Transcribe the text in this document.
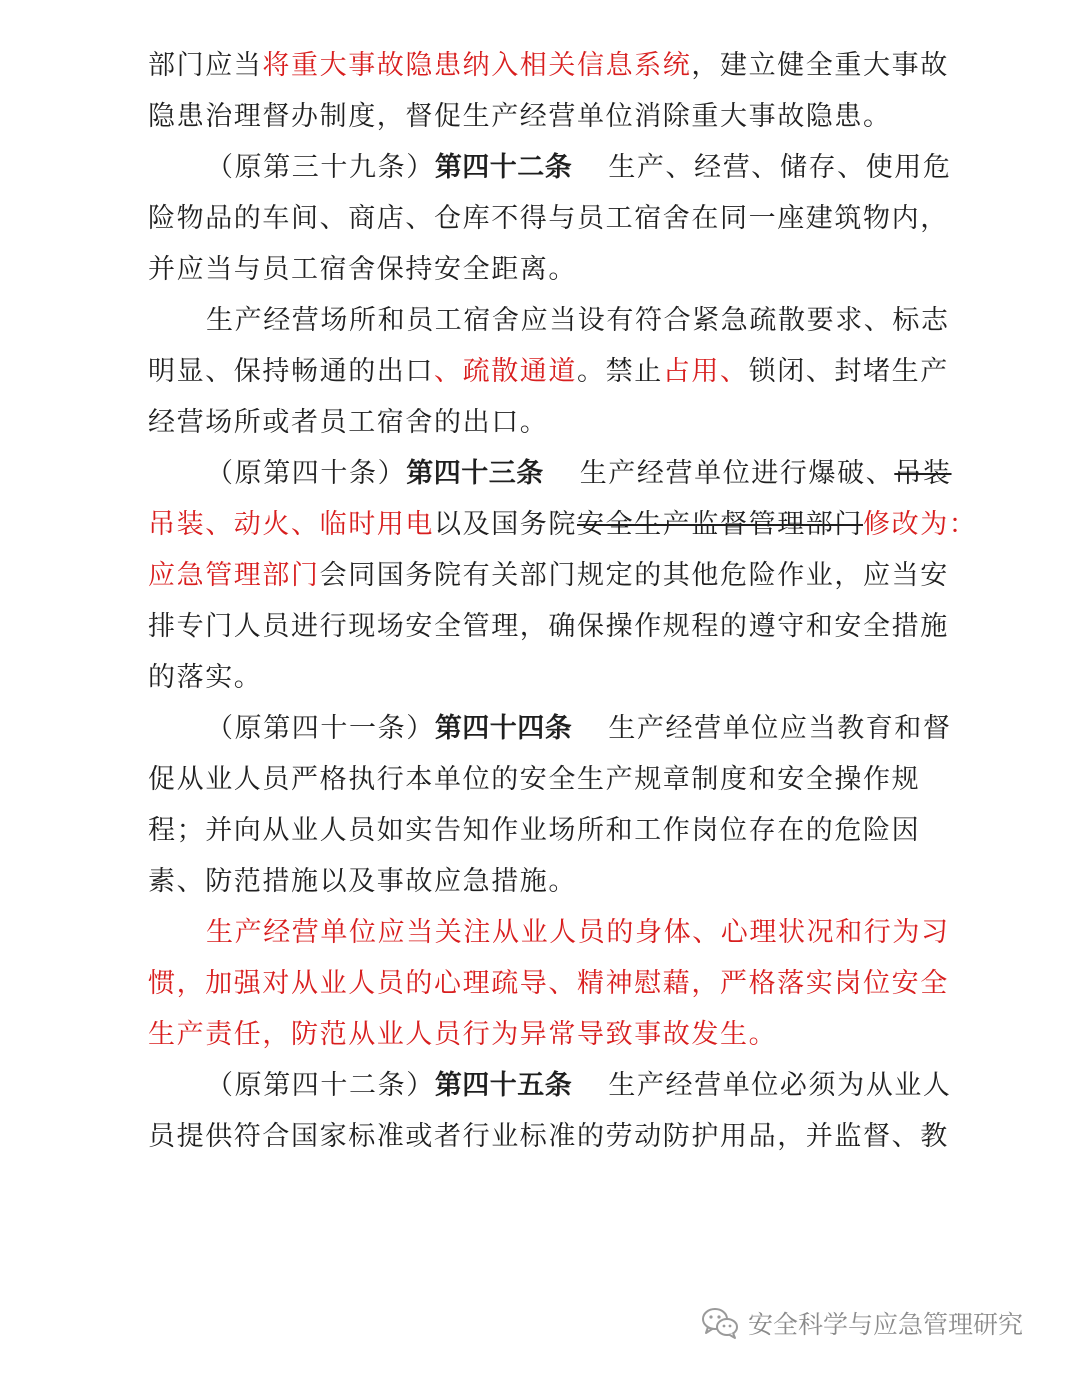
部门应当将重大事故隐患纳入相关信息系统，建立健全重大事故
隐患治理督办制度，督促生产经营单位消除重大事故隐患。
（原第三十九条）第四十二条 生产、经营、储存、使用危
险物品的车间、商店、仓库不得与员工宿舍在同一座建筑物内，
并应当与员工宿舍保持安全距离。
生产经营场所和员工宿舍应当设有符合紧急疏散要求、标志
明显、保持畅通的出口、疏散通道。禁止占用、锁闭、封堵生产
经营场所或者员工宿舍的出口。
（原第四十条）第四十三条 生产经营单位进行爆破、吊装
吊装、动火、临时用电以及国务院安全生产监督管理部门修改为：
应急管理部门会同国务院有关部门规定的其他危险作业，应当安
排专门人员进行现场安全管理，确保操作规程的遵守和安全措施
的落实。
（原第四十一条）第四十四条 生产经营单位应当教育和督
促从业人员严格执行本单位的安全生产规章制度和安全操作规
程；并向从业人员如实告知作业场所和工作岗位存在的危险因
素、防范措施以及事故应急措施。
生产经营单位应当关注从业人员的身体、心理状况和行为习
惯，加强对从业人员的心理疏导、精神慰藉，严格落实岗位安全
生产责任，防范从业人员行为异常导致事故发生。
（原第四十二条）第四十五条 生产经营单位必须为从业人
员提供符合国家标准或者行业标准的劳动防护用品，并监督、教
安全科学与应急管理研究
